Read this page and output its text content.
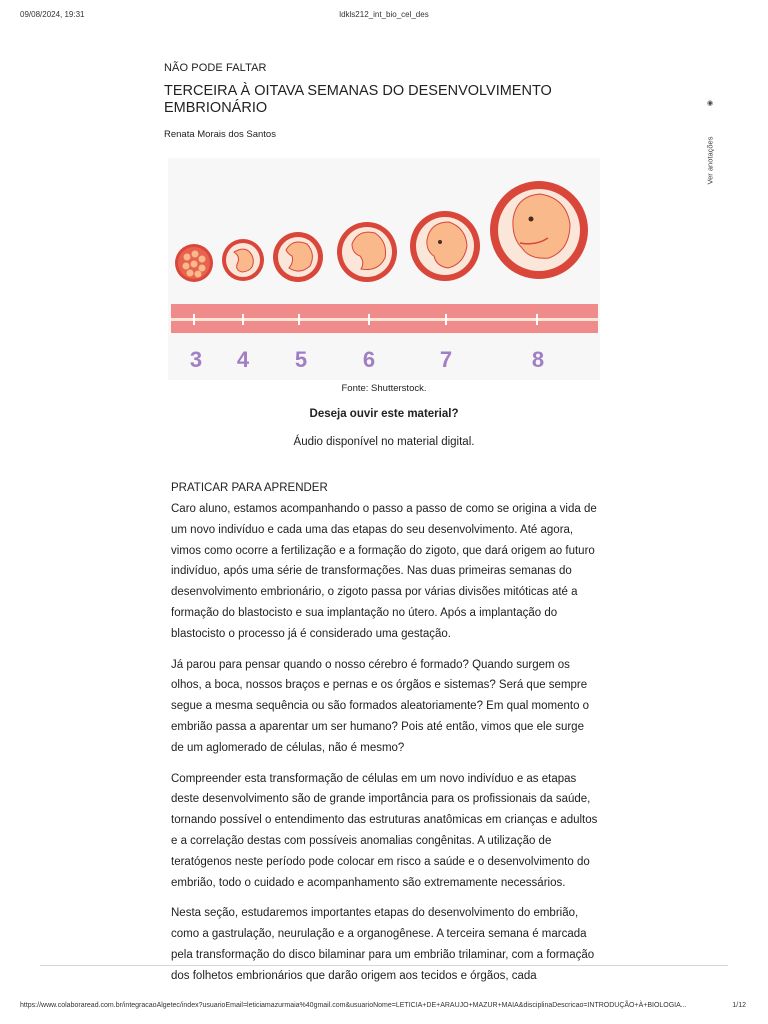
09/08/2024, 19:31	ldkls212_int_bio_cel_des
◉
Ver anotações
NÃO PODE FALTAR
TERCEIRA À OITAVA SEMANAS DO DESENVOLVIMENTO EMBRIONÁRIO
Renata Morais dos Santos
3 4 5	6	7	8
Fonte: Shutterstock.
Deseja ouvir este material?
Áudio disponível no material digital.
PRATICAR PARA APRENDER

Caro aluno, estamos acompanhando o passo a passo de como se origina a vida de um novo indivíduo e cada uma das etapas do seu desenvolvimento. Até agora, vimos como ocorre a fertilização e a formação do zigoto, que dará origem ao futuro indivíduo, após uma série de transformações. Nas duas primeiras semanas do desenvolvimento embrionário, o zigoto passa por várias divisões mitóticas até a formação do blastocisto e sua implantação no útero. Após a implantação do blastocisto o processo já é considerado uma gestação.

Já parou para pensar quando o nosso cérebro é formado? Quando surgem os olhos, a boca, nossos braços e pernas e os órgãos e sistemas? Será que sempre segue a mesma sequência ou são formados aleatoriamente? Em qual momento o embrião passa a aparentar um ser humano? Pois até então, vimos que ele surge de um aglomerado de células, não é mesmo?

Compreender esta transformação de células em um novo indivíduo e as etapas deste desenvolvimento são de grande importância para os profissionais da saúde, tornando possível o entendimento das estruturas anatômicas em crianças e adultos e a correlação destas com possíveis anomalias congênitas. A utilização de teratógenos neste período pode colocar em risco a saúde e o desenvolvimento do embrião, todo o cuidado e acompanhamento são extremamente necessários.

Nesta seção, estudaremos importantes etapas do desenvolvimento do embrião, como a gastrulação, neurulação e a organogênese. A terceira semana é marcada pela transformação do disco bilaminar para um embrião trilaminar, com a formação dos folhetos embrionários que darão origem aos tecidos e órgãos, cada

https://www.colaboraread.com.br/integracaoAlgetec/index?usuarioEmail=leticiamazurmaia%40gmail.com&usuarioNome=LETICIA+DE+ARAUJO+MAZUR+MAIA&disciplinaDescricao=INTRODUÇÃO+À+BIOLOGIA...	1/12
